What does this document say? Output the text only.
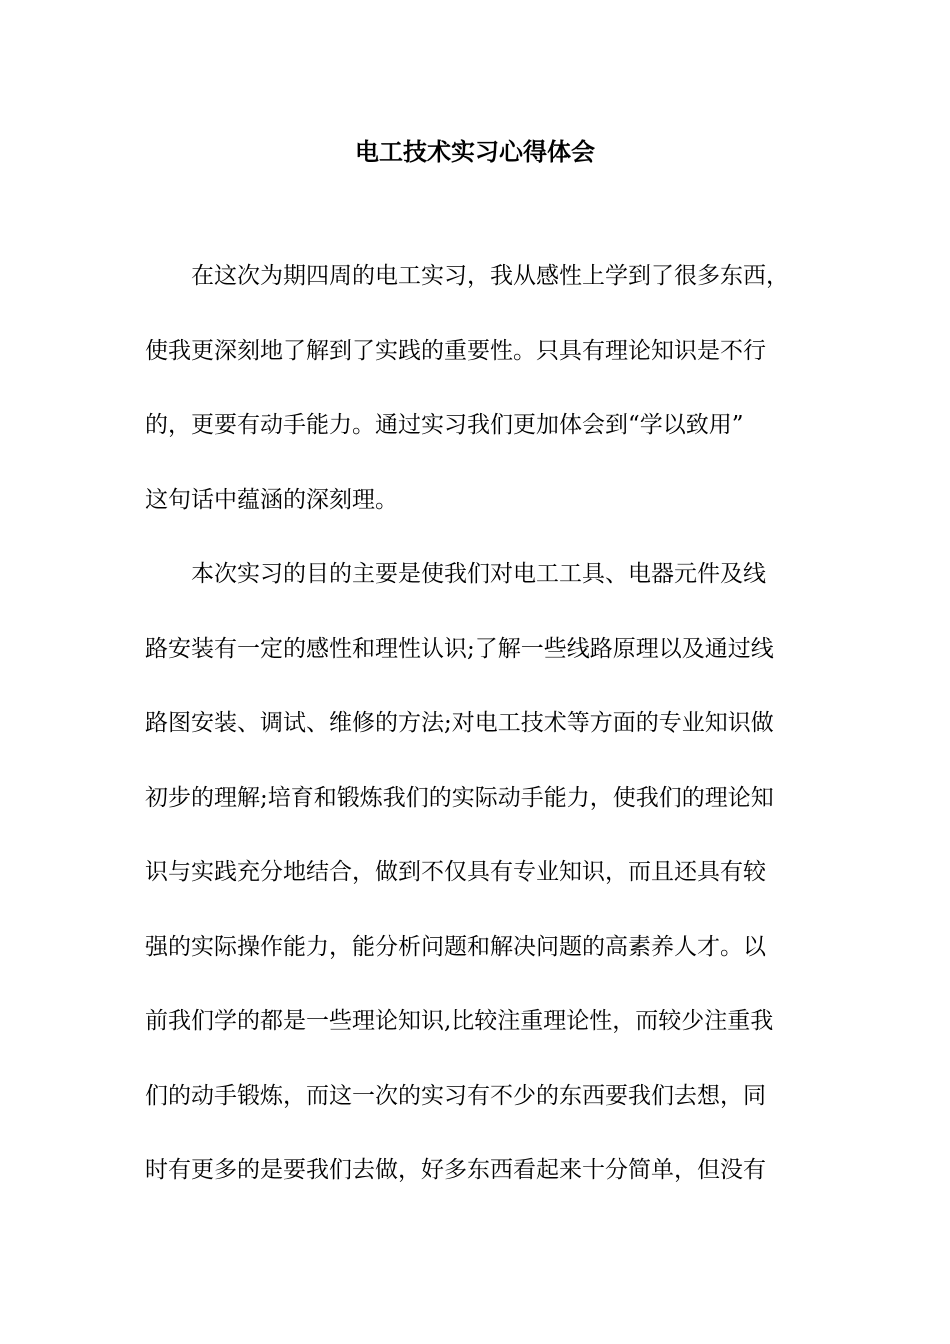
电工技术实习心得体会
　　在这次为期四周的电工实习，我从感性上学到了很多东西，
使我更深刻地了解到了实践的重要性。只具有理论知识是不行
的，更要有动手能力。通过实习我们更加体会到“学以致用”
这句话中蕴涵的深刻理。
　　本次实习的目的主要是使我们对电工工具、电器元件及线
路安装有一定的感性和理性认识;了解一些线路原理以及通过线
路图安装、调试、维修的方法;对电工技术等方面的专业知识做
初步的理解;培育和锻炼我们的实际动手能力，使我们的理论知
识与实践充分地结合，做到不仅具有专业知识，而且还具有较
强的实际操作能力，能分析问题和解决问题的高素养人才。以
前我们学的都是一些理论知识,比较注重理论性，而较少注重我
们的动手锻炼，而这一次的实习有不少的东西要我们去想，同
时有更多的是要我们去做，好多东西看起来十分简单，但没有
